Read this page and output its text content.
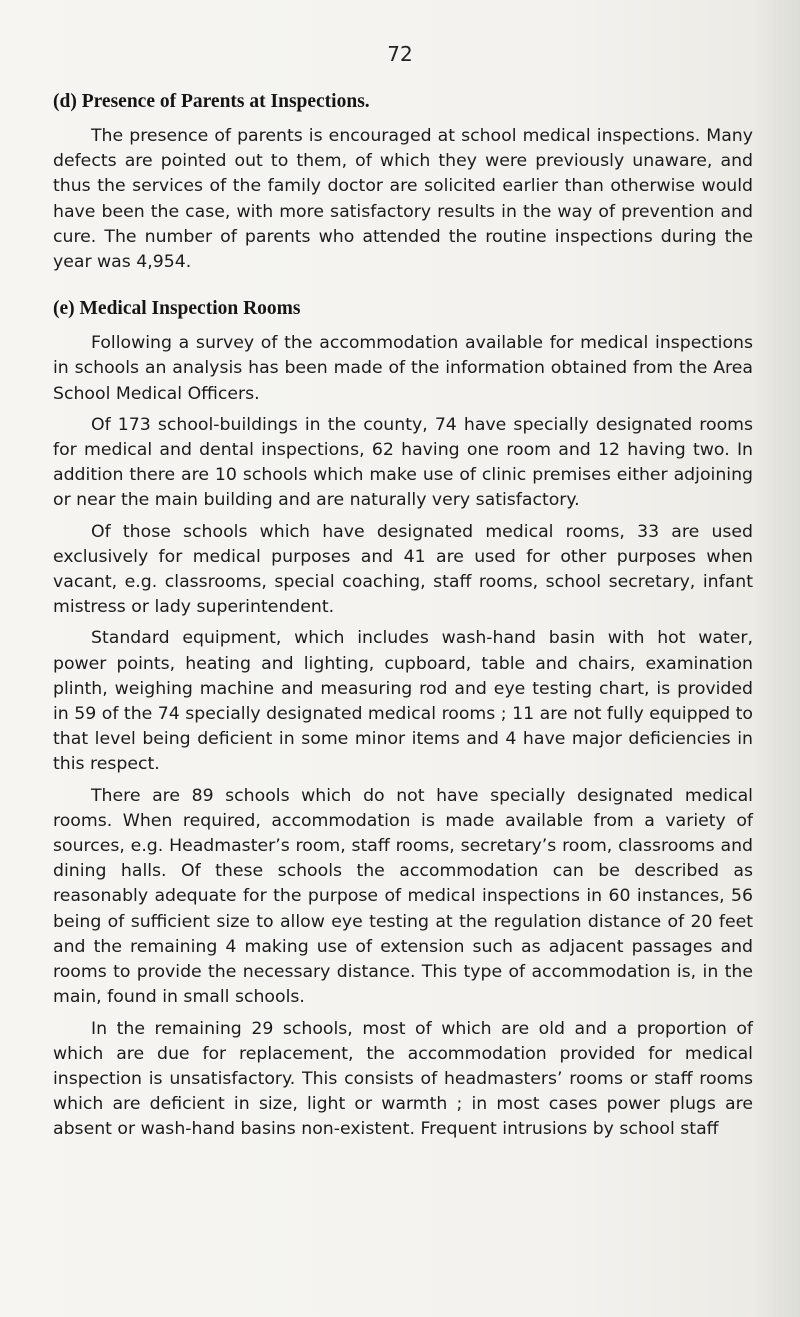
72
(d) Presence of Parents at Inspections.

The presence of parents is encouraged at school medical inspections. Many defects are pointed out to them, of which they were previously unaware, and thus the services of the family doctor are solicited earlier than otherwise would have been the case, with more satisfactory results in the way of prevention and cure. The number of parents who attended the routine inspections during the year was 4,954.

(e) Medical Inspection Rooms

Following a survey of the accommodation available for medical inspections in schools an analysis has been made of the information obtained from the Area School Medical Officers.

Of 173 school-buildings in the county, 74 have specially designated rooms for medical and dental inspections, 62 having one room and 12 having two. In addition there are 10 schools which make use of clinic premises either adjoining or near the main building and are naturally very satisfactory.

Of those schools which have designated medical rooms, 33 are used exclusively for medical purposes and 41 are used for other purposes when vacant, e.g. classrooms, special coaching, staff rooms, school secretary, infant mistress or lady superintendent.

Standard equipment, which includes wash-hand basin with hot water, power points, heating and lighting, cupboard, table and chairs, examination plinth, weighing machine and measuring rod and eye testing chart, is provided in 59 of the 74 specially designated medical rooms ; 11 are not fully equipped to that level being deficient in some minor items and 4 have major deficiencies in this respect.

There are 89 schools which do not have specially designated medical rooms. When required, accommodation is made available from a variety of sources, e.g. Headmaster’s room, staff rooms, secretary’s room, classrooms and dining halls. Of these schools the accommodation can be described as reasonably adequate for the purpose of medical inspections in 60 instances, 56 being of sufficient size to allow eye testing at the regulation distance of 20 feet and the remaining 4 making use of extension such as adjacent passages and rooms to provide the necessary distance. This type of accommodation is, in the main, found in small schools.

In the remaining 29 schools, most of which are old and a proportion of which are due for replacement, the accommodation provided for medical inspection is unsatisfactory. This consists of headmasters’ rooms or staff rooms which are deficient in size, light or warmth ; in most cases power plugs are absent or wash-hand basins non-existent. Frequent intrusions by school staff
